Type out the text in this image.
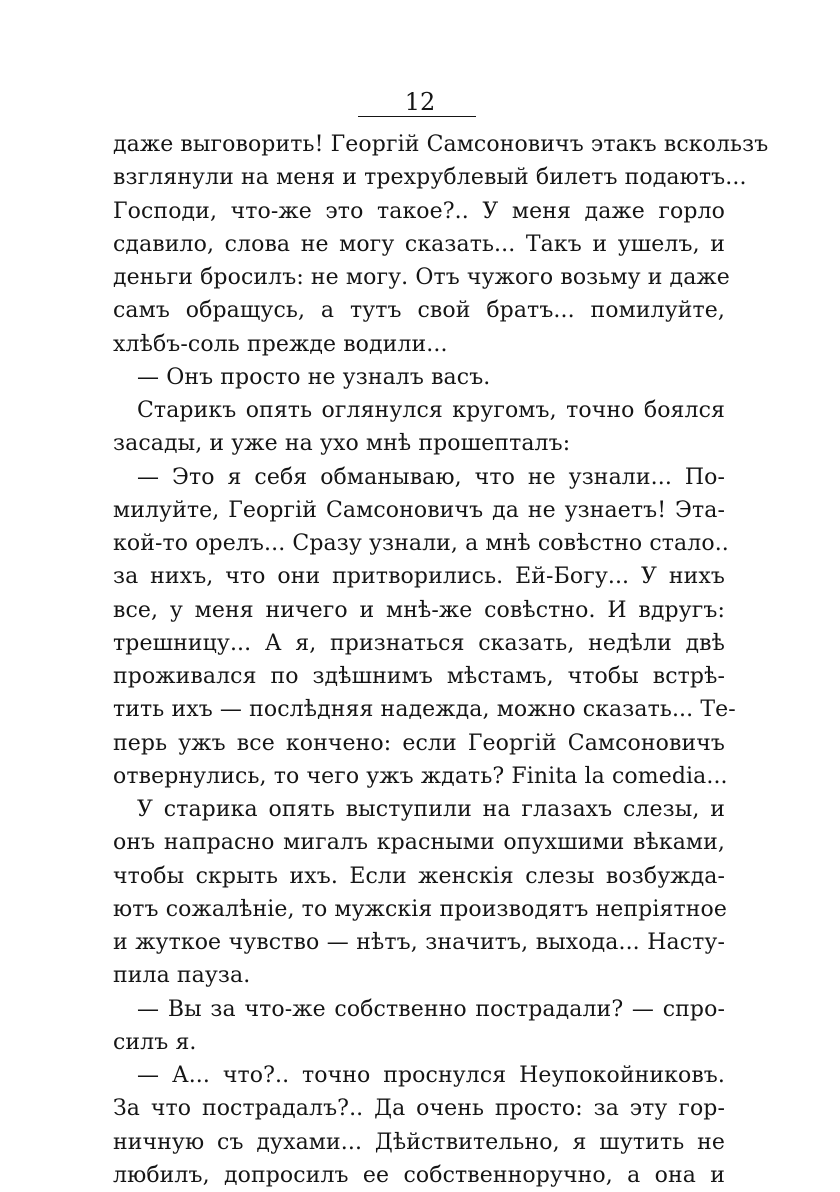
12
даже выговорить! Георгій Самсоновичъ этакъ вскользъ
взглянули на меня и трехрублевый билетъ подаютъ...
Господи, что-же это такое?.. У меня даже горло
сдавило, слова не могу сказать... Такъ и ушелъ, и
деньги бросилъ: не могу. Отъ чужого возьму и даже
самъ обращусь, а тутъ свой братъ... помилуйте,
хлѣбъ-соль прежде водили...
— Онъ просто не узналъ васъ.
Старикъ опять оглянулся кругомъ, точно боялся
засады, и уже на ухо мнѣ прошепталъ:
— Это я себя обманываю, что не узнали... По-
милуйте, Георгій Самсоновичъ да не узнаетъ! Эта-
кой-то орелъ... Сразу узнали, а мнѣ совѣстно стало..
за нихъ, что они притворились. Ей-Богу... У нихъ
все, у меня ничего и мнѣ-же совѣстно. И вдругъ:
трешницу... А я, признаться сказать, недѣли двѣ
проживался по здѣшнимъ мѣстамъ, чтобы встрѣ-
тить ихъ — послѣдняя надежда, можно сказать... Те-
перь ужъ все кончено: если Георгій Самсоновичъ
отвернулись, то чего ужъ ждать? Finita la comedia...
У старика опять выступили на глазахъ слезы, и
онъ напрасно мигалъ красными опухшими вѣками,
чтобы скрыть ихъ. Если женскія слезы возбужда-
ютъ сожалѣніе, то мужскія производятъ непріятное
и жуткое чувство — нѣтъ, значитъ, выхода... Насту-
пила пауза.
— Вы за что-же собственно пострадали? — спро-
силъ я.
— А... что?.. точно проснулся Неупокойниковъ.
За что пострадалъ?.. Да очень просто: за эту гор-
ничную съ духами... Дѣйствительно, я шутить не
любилъ, допросилъ ее собственноручно, а она и
